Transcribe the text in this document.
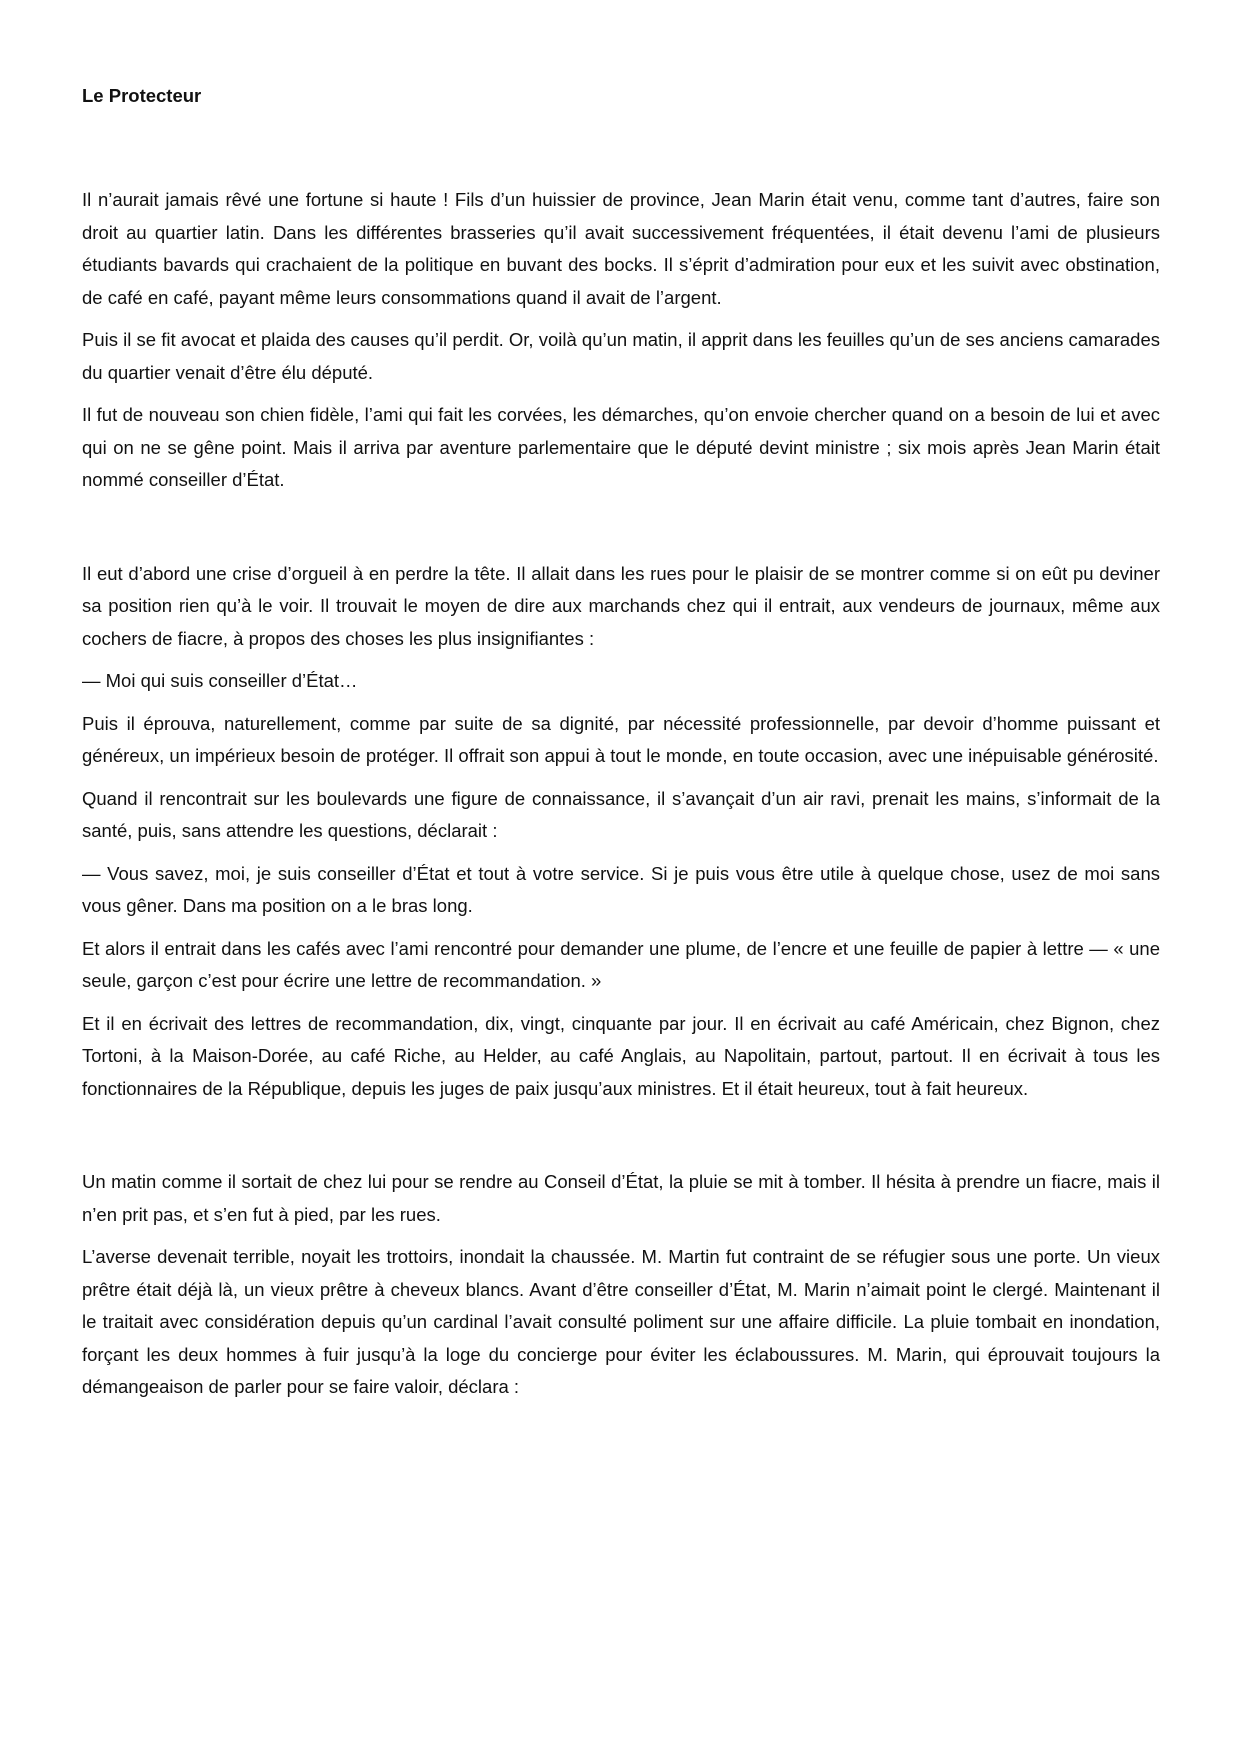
Le Protecteur

Il n’aurait jamais rêvé une fortune si haute ! Fils d’un huissier de province, Jean Marin était venu, comme tant d’autres, faire son droit au quartier latin. Dans les différentes brasseries qu’il avait successivement fréquentées, il était devenu l’ami de plusieurs étudiants bavards qui crachaient de la politique en buvant des bocks. Il s’éprit d’admiration pour eux et les suivit avec obstination, de café en café, payant même leurs consommations quand il avait de l’argent.

Puis il se fit avocat et plaida des causes qu’il perdit. Or, voilà qu’un matin, il apprit dans les feuilles qu’un de ses anciens camarades du quartier venait d’être élu député.

Il fut de nouveau son chien fidèle, l’ami qui fait les corvées, les démarches, qu’on envoie chercher quand on a besoin de lui et avec qui on ne se gêne point. Mais il arriva par aventure parlementaire que le député devint ministre ; six mois après Jean Marin était nommé conseiller d’État.

Il eut d’abord une crise d’orgueil à en perdre la tête. Il allait dans les rues pour le plaisir de se montrer comme si on eût pu deviner sa position rien qu’à le voir. Il trouvait le moyen de dire aux marchands chez qui il entrait, aux vendeurs de journaux, même aux cochers de fiacre, à propos des choses les plus insignifiantes :

— Moi qui suis conseiller d’État…

Puis il éprouva, naturellement, comme par suite de sa dignité, par nécessité professionnelle, par devoir d’homme puissant et généreux, un impérieux besoin de protéger. Il offrait son appui à tout le monde, en toute occasion, avec une inépuisable générosité.

Quand il rencontrait sur les boulevards une figure de connaissance, il s’avançait d’un air ravi, prenait les mains, s’informait de la santé, puis, sans attendre les questions, déclarait :

— Vous savez, moi, je suis conseiller d’État et tout à votre service. Si je puis vous être utile à quelque chose, usez de moi sans vous gêner. Dans ma position on a le bras long.

Et alors il entrait dans les cafés avec l’ami rencontré pour demander une plume, de l’encre et une feuille de papier à lettre — « une seule, garçon c’est pour écrire une lettre de recommandation. »

Et il en écrivait des lettres de recommandation, dix, vingt, cinquante par jour. Il en écrivait au café Américain, chez Bignon, chez Tortoni, à la Maison-Dorée, au café Riche, au Helder, au café Anglais, au Napolitain, partout, partout. Il en écrivait à tous les fonctionnaires de la République, depuis les juges de paix jusqu’aux ministres. Et il était heureux, tout à fait heureux.

Un matin comme il sortait de chez lui pour se rendre au Conseil d’État, la pluie se mit à tomber. Il hésita à prendre un fiacre, mais il n’en prit pas, et s’en fut à pied, par les rues.

L’averse devenait terrible, noyait les trottoirs, inondait la chaussée. M. Martin fut contraint de se réfugier sous une porte. Un vieux prêtre était déjà là, un vieux prêtre à cheveux blancs. Avant d’être conseiller d’État, M. Marin n’aimait point le clergé. Maintenant il le traitait avec considération depuis qu’un cardinal l’avait consulté poliment sur une affaire difficile. La pluie tombait en inondation, forçant les deux hommes à fuir jusqu’à la loge du concierge pour éviter les éclaboussures. M. Marin, qui éprouvait toujours la démangeaison de parler pour se faire valoir, déclara :
